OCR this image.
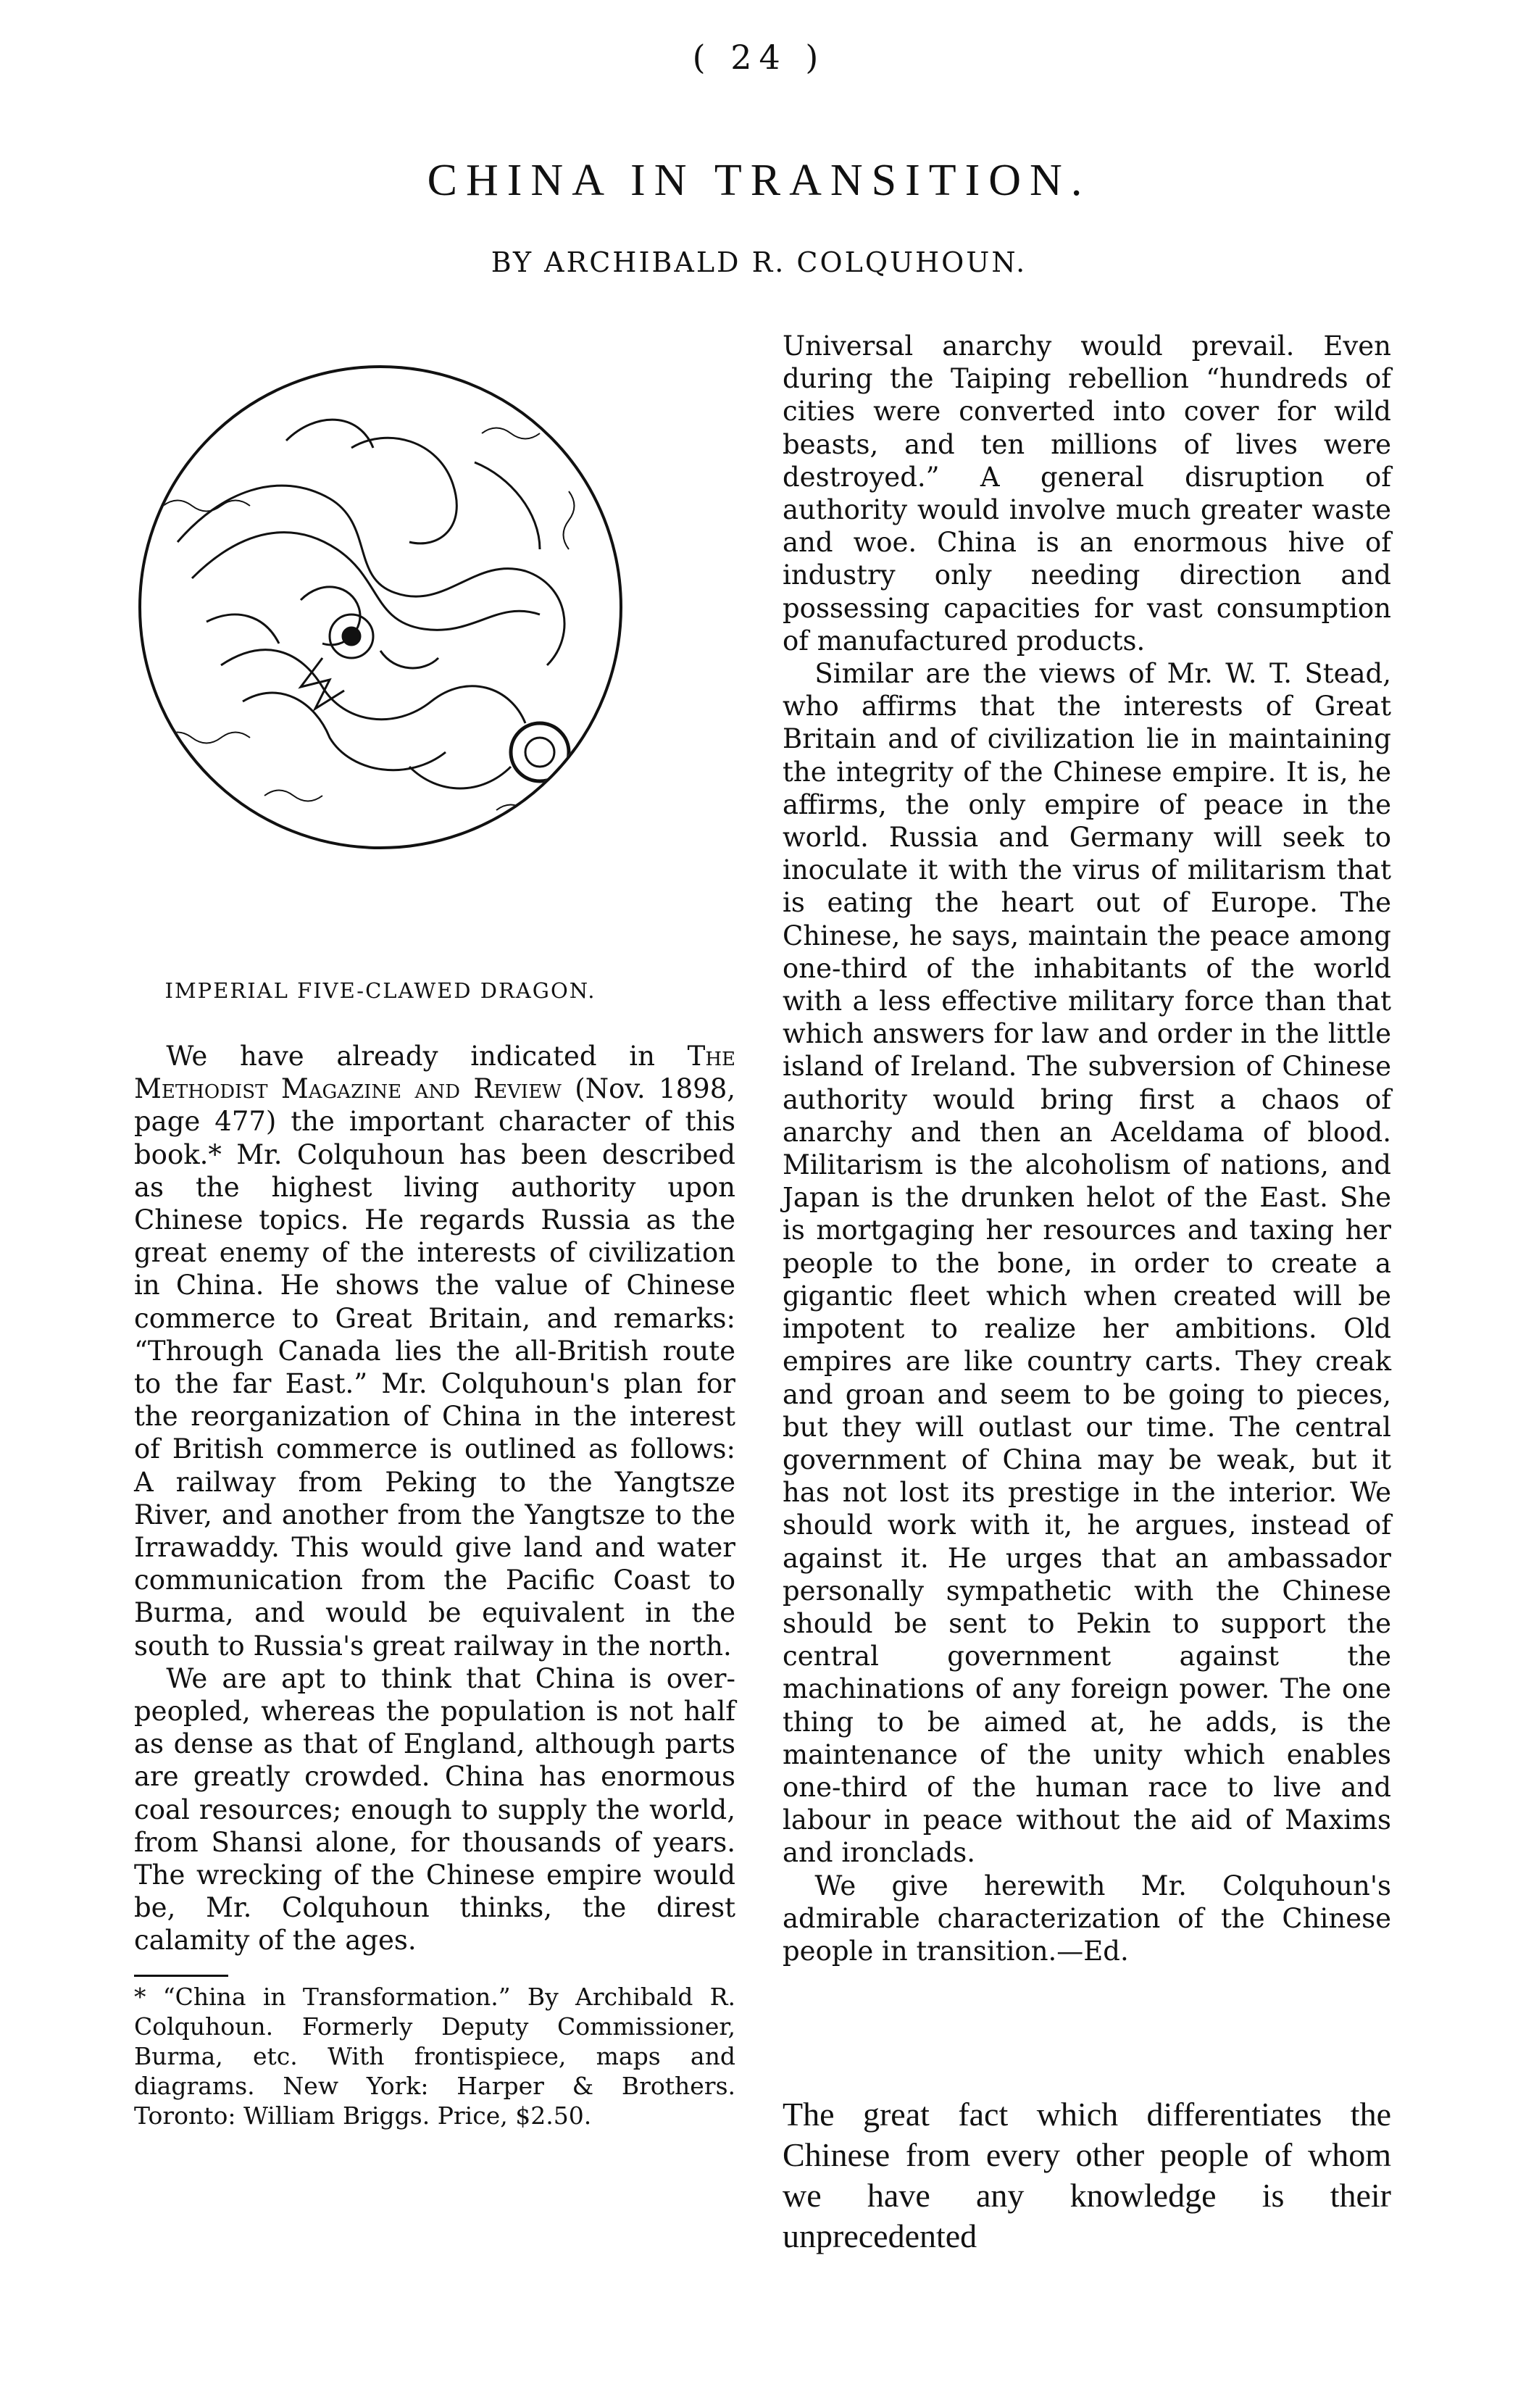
( 24 )
CHINA IN TRANSITION.
BY ARCHIBALD R. COLQUHOUN.
IMPERIAL FIVE-CLAWED DRAGON.

We have already indicated in The Methodist Magazine and Review (Nov. 1898, page 477) the important character of this book.* Mr. Colquhoun has been described as the highest living authority upon Chinese topics. He regards Russia as the great enemy of the interests of civilization in China. He shows the value of Chinese commerce to Great Britain, and remarks: “Through Canada lies the all-British route to the far East.” Mr. Colquhoun's plan for the reorganization of China in the interest of British commerce is outlined as follows: A railway from Peking to the Yangtsze River, and another from the Yangtsze to the Irrawaddy. This would give land and water communication from the Pacific Coast to Burma, and would be equivalent in the south to Russia's great railway in the north.

We are apt to think that China is over-peopled, whereas the population is not half as dense as that of England, although parts are greatly crowded. China has enormous coal resources; enough to supply the world, from Shansi alone, for thousands of years. The wrecking of the Chinese empire would be, Mr. Colquhoun thinks, the direst calamity of the ages.

* “China in Transformation.” By Archibald R. Colquhoun. Formerly Deputy Commissioner, Burma, etc. With frontispiece, maps and diagrams. New York: Harper & Brothers. Toronto: William Briggs. Price, $2.50.

Universal anarchy would prevail. Even during the Taiping rebellion “hundreds of cities were converted into cover for wild beasts, and ten millions of lives were destroyed.” A general disruption of authority would involve much greater waste and woe. China is an enormous hive of industry only needing direction and possessing capacities for vast consumption of manufactured products.

Similar are the views of Mr. W. T. Stead, who affirms that the interests of Great Britain and of civilization lie in maintaining the integrity of the Chinese empire. It is, he affirms, the only empire of peace in the world. Russia and Germany will seek to inoculate it with the virus of militarism that is eating the heart out of Europe. The Chinese, he says, maintain the peace among one-third of the inhabitants of the world with a less effective military force than that which answers for law and order in the little island of Ireland. The subversion of Chinese authority would bring first a chaos of anarchy and then an Aceldama of blood. Militarism is the alcoholism of nations, and Japan is the drunken helot of the East. She is mortgaging her resources and taxing her people to the bone, in order to create a gigantic fleet which when created will be impotent to realize her ambitions. Old empires are like country carts. They creak and groan and seem to be going to pieces, but they will outlast our time. The central government of China may be weak, but it has not lost its prestige in the interior. We should work with it, he argues, instead of against it. He urges that an ambassador personally sympathetic with the Chinese should be sent to Pekin to support the central government against the machinations of any foreign power. The one thing to be aimed at, he adds, is the maintenance of the unity which enables one-third of the human race to live and labour in peace without the aid of Maxims and ironclads.

We give herewith Mr. Colquhoun's admirable characterization of the Chinese people in transition.—Ed.

The great fact which differentiates the Chinese from every other people of whom we have any knowledge is their unprecedented
